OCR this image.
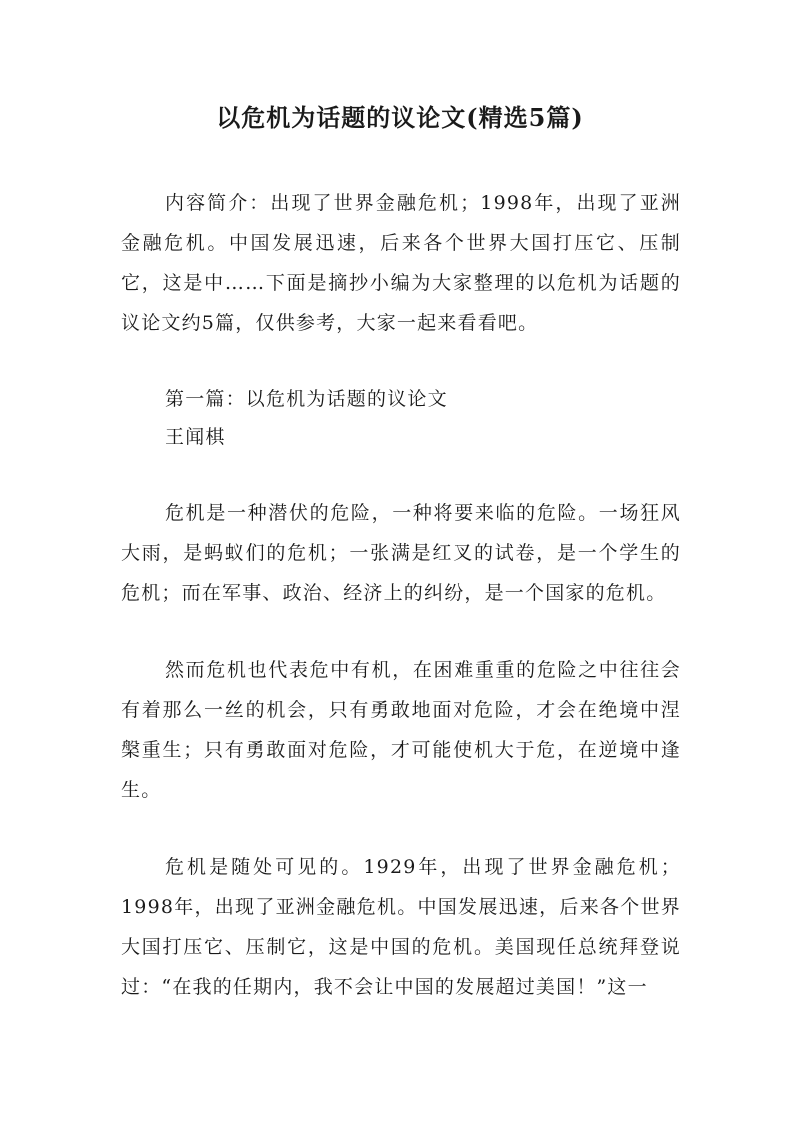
以危机为话题的议论文(精选5篇)

内容简介：出现了世界金融危机；1998年，出现了亚洲金融危机。中国发展迅速，后来各个世界大国打压它、压制它，这是中……下面是摘抄小编为大家整理的以危机为话题的议论文约5篇，仅供参考，大家一起来看看吧。

第一篇：以危机为话题的议论文

王闻棋

危机是一种潜伏的危险，一种将要来临的危险。一场狂风大雨，是蚂蚁们的危机；一张满是红叉的试卷，是一个学生的危机；而在军事、政治、经济上的纠纷，是一个国家的危机。

然而危机也代表危中有机，在困难重重的危险之中往往会有着那么一丝的机会，只有勇敢地面对危险，才会在绝境中涅槃重生；只有勇敢面对危险，才可能使机大于危，在逆境中逢生。

危机是随处可见的。1929年，出现了世界金融危机；1998年，出现了亚洲金融危机。中国发展迅速，后来各个世界大国打压它、压制它，这是中国的危机。美国现任总统拜登说过：“在我的任期内，我不会让中国的发展超过美国！”这一
